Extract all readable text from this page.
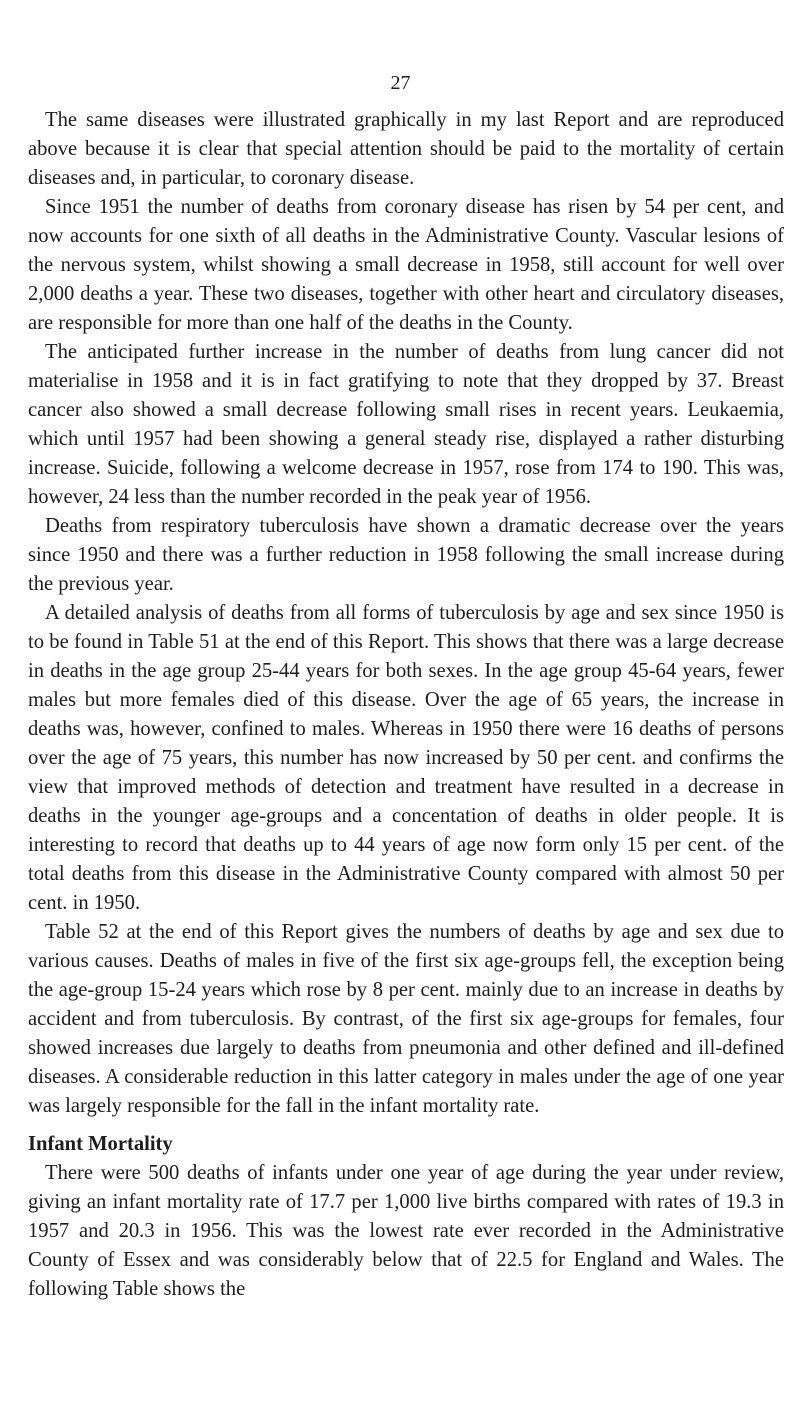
27

The same diseases were illustrated graphically in my last Report and are reproduced above because it is clear that special attention should be paid to the mortality of certain diseases and, in particular, to coronary disease.

Since 1951 the number of deaths from coronary disease has risen by 54 per cent, and now accounts for one sixth of all deaths in the Administrative County. Vascular lesions of the nervous system, whilst showing a small decrease in 1958, still account for well over 2,000 deaths a year. These two diseases, together with other heart and circulatory diseases, are responsible for more than one half of the deaths in the County.

The anticipated further increase in the number of deaths from lung cancer did not materialise in 1958 and it is in fact gratifying to note that they dropped by 37. Breast cancer also showed a small decrease following small rises in recent years. Leukaemia, which until 1957 had been showing a general steady rise, displayed a rather disturbing increase. Suicide, following a welcome decrease in 1957, rose from 174 to 190. This was, however, 24 less than the number recorded in the peak year of 1956.

Deaths from respiratory tuberculosis have shown a dramatic decrease over the years since 1950 and there was a further reduction in 1958 following the small increase during the previous year.

A detailed analysis of deaths from all forms of tuberculosis by age and sex since 1950 is to be found in Table 51 at the end of this Report. This shows that there was a large decrease in deaths in the age group 25-44 years for both sexes. In the age group 45-64 years, fewer males but more females died of this disease. Over the age of 65 years, the increase in deaths was, however, confined to males. Whereas in 1950 there were 16 deaths of persons over the age of 75 years, this number has now increased by 50 per cent. and confirms the view that improved methods of detection and treatment have resulted in a decrease in deaths in the younger age-groups and a concentation of deaths in older people. It is interesting to record that deaths up to 44 years of age now form only 15 per cent. of the total deaths from this disease in the Administrative County compared with almost 50 per cent. in 1950.

Table 52 at the end of this Report gives the numbers of deaths by age and sex due to various causes. Deaths of males in five of the first six age-groups fell, the exception being the age-group 15-24 years which rose by 8 per cent. mainly due to an increase in deaths by accident and from tuberculosis. By contrast, of the first six age-groups for females, four showed increases due largely to deaths from pneumonia and other defined and ill-defined diseases. A considerable reduction in this latter category in males under the age of one year was largely responsible for the fall in the infant mortality rate.

Infant Mortality

There were 500 deaths of infants under one year of age during the year under review, giving an infant mortality rate of 17.7 per 1,000 live births compared with rates of 19.3 in 1957 and 20.3 in 1956. This was the lowest rate ever recorded in the Administrative County of Essex and was considerably below that of 22.5 for England and Wales. The following Table shows the
